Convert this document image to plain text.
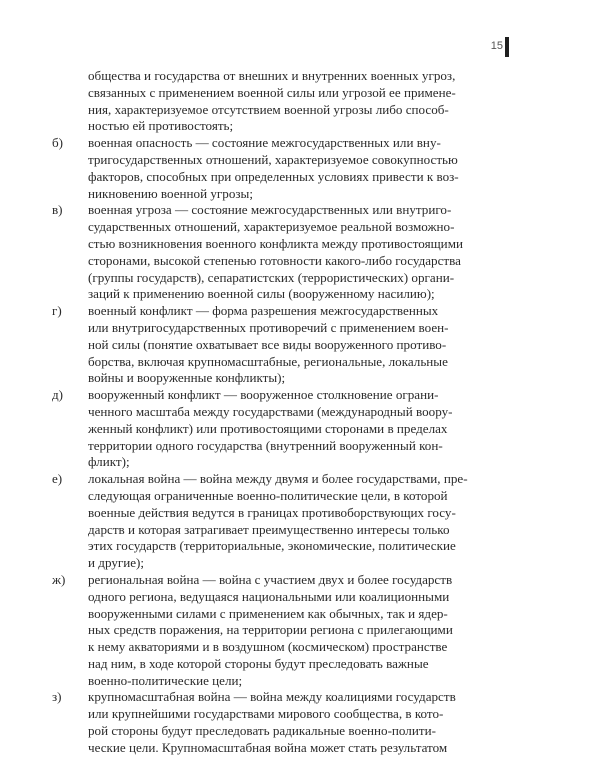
15
общества и государства от внешних и внутренних военных угроз,
связанных с применением военной силы или угрозой ее примене-
ния, характеризуемое отсутствием военной угрозы либо способ-
ностью ей противостоять;
б) военная опасность — состояние межгосударственных или вну-
тригосударственных отношений, характеризуемое совокупностью
факторов, способных при определенных условиях привести к воз-
никновению военной угрозы;
в) военная угроза — состояние межгосударственных или внутриго-
сударственных отношений, характеризуемое реальной возможно-
стью возникновения военного конфликта между противостоящими
сторонами, высокой степенью готовности какого-либо государства
(группы государств), сепаратистских (террористических) органи-
заций к применению военной силы (вооруженному насилию);
г) военный конфликт — форма разрешения межгосударственных
или внутригосударственных противоречий с применением воен-
ной силы (понятие охватывает все виды вооруженного противо-
борства, включая крупномасштабные, региональные, локальные
войны и вооруженные конфликты);
д) вооруженный конфликт — вооруженное столкновение ограни-
ченного масштаба между государствами (международный воору-
женный конфликт) или противостоящими сторонами в пределах
территории одного государства (внутренний вооруженный кон-
фликт);
е) локальная война — война между двумя и более государствами, пре-
следующая ограниченные военно-политические цели, в которой
военные действия ведутся в границах противоборствующих госу-
дарств и которая затрагивает преимущественно интересы только
этих государств (территориальные, экономические, политические
и другие);
ж) региональная война — война с участием двух и более государств
одного региона, ведущаяся национальными или коалиционными
вооруженными силами с применением как обычных, так и ядер-
ных средств поражения, на территории региона с прилегающими
к нему акваториями и в воздушном (космическом) пространстве
над ним, в ходе которой стороны будут преследовать важные
военно-политические цели;
з) крупномасштабная война — война между коалициями государств
или крупнейшими государствами мирового сообщества, в кото-
рой стороны будут преследовать радикальные военно-полити-
ческие цели. Крупномасштабная война может стать результатом
